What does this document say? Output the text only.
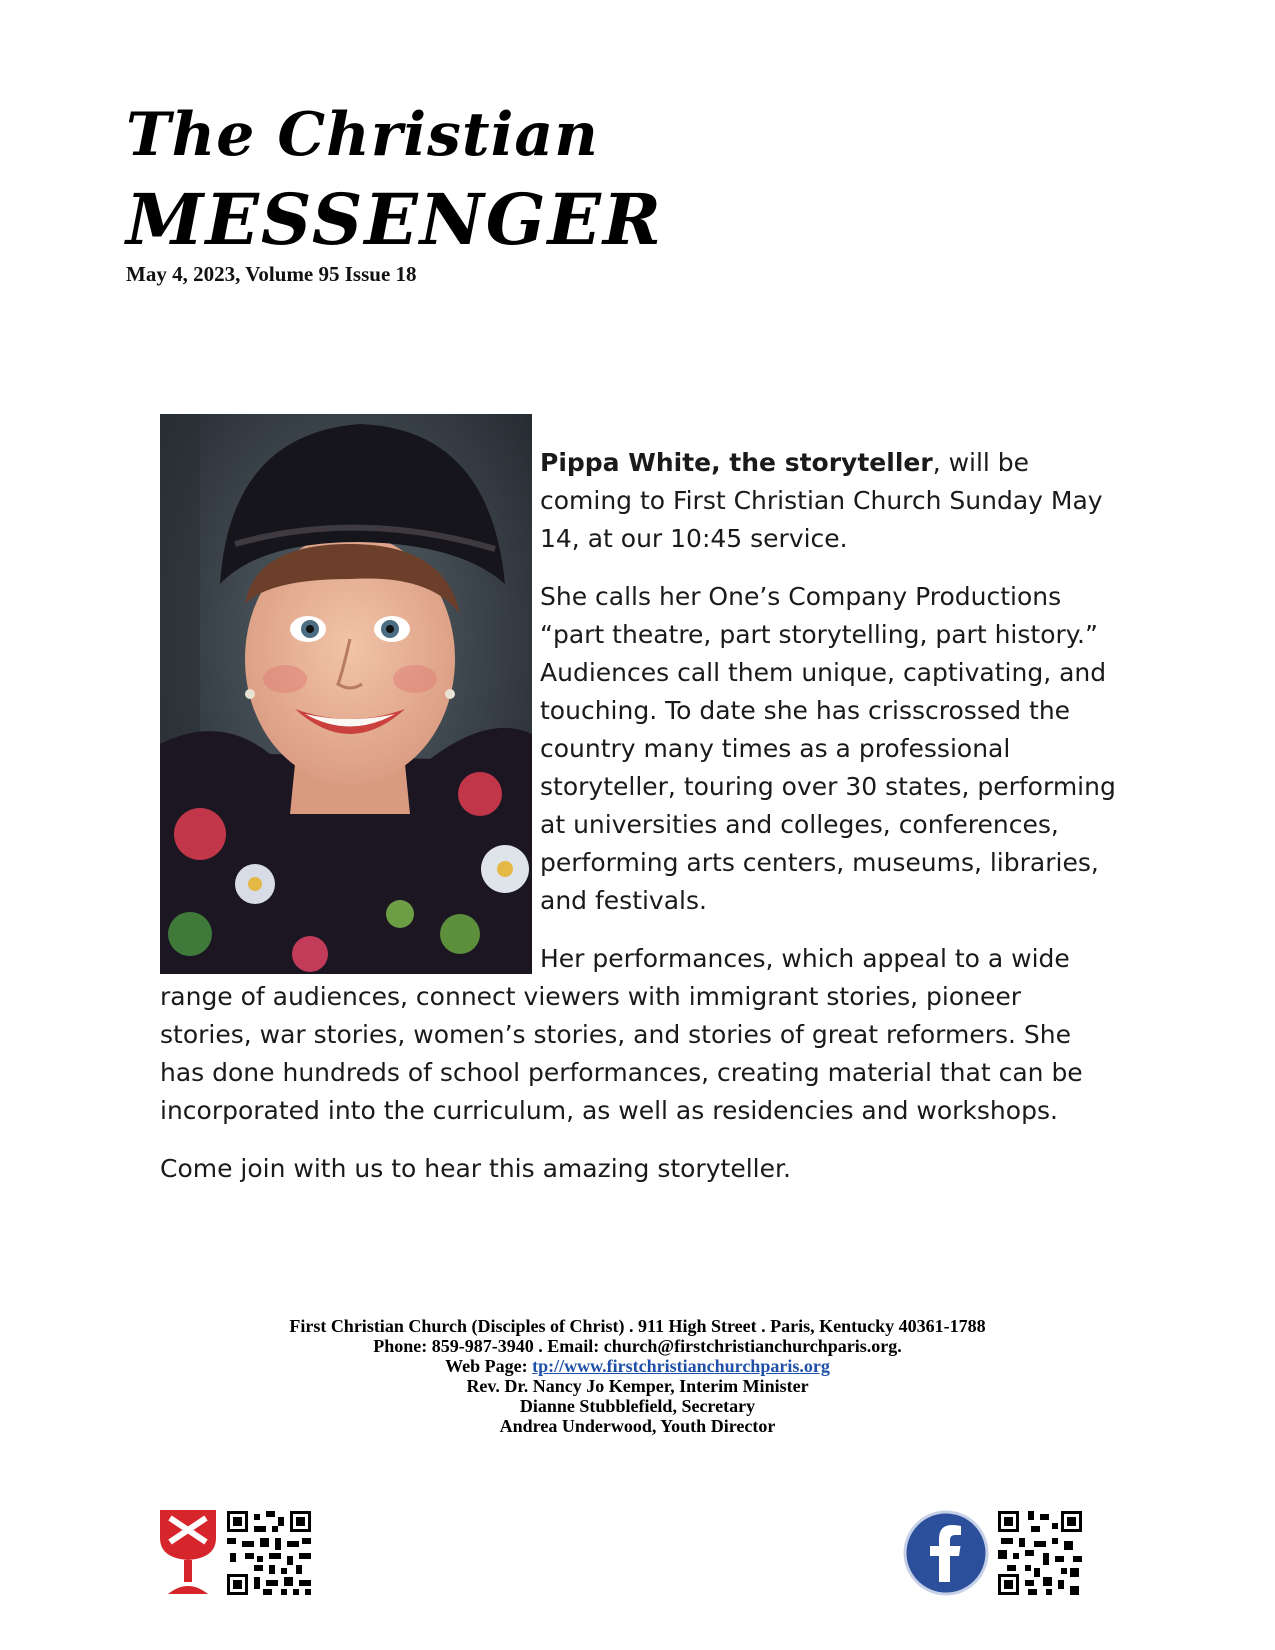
The Christian
MESSENGER
May 4, 2023, Volume 95 Issue 18

Pippa White, the storyteller, will be coming to First Christian Church Sunday May 14, at our 10:45 service.

She calls her One’s Company Productions “part theatre, part storytelling, part history.” Audiences call them unique, captivating, and touching. To date she has crisscrossed the country many times as a professional storyteller, touring over 30 states, performing at universities and colleges, conferences, performing arts centers, museums, libraries, and festivals.

Her performances, which appeal to a wide range of audiences, connect viewers with immigrant stories, pioneer stories, war stories, women’s stories, and stories of great reformers. She has done hundreds of school performances, creating material that can be incorporated into the curriculum, as well as residencies and workshops.

Come join with us to hear this amazing storyteller.

First Christian Church (Disciples of Christ) . 911 High Street . Paris, Kentucky 40361-1788
Phone: 859-987-3940 . Email: church@firstchristianchurchparis.org.
Web Page: tp://www.firstchristianchurchparis.org
Rev. Dr. Nancy Jo Kemper, Interim Minister
Dianne Stubblefield, Secretary
Andrea Underwood, Youth Director
